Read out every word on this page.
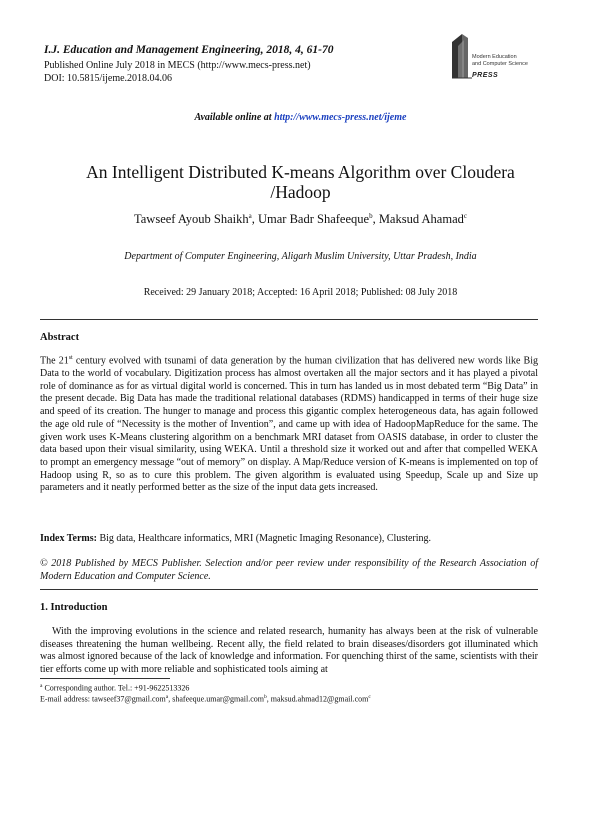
I.J. Education and Management Engineering, 2018, 4, 61-70
Published Online July 2018 in MECS (http://www.mecs-press.net)
DOI: 10.5815/ijeme.2018.04.06
Modern Education
and Computer Science
PRESS
Available online at http://www.mecs-press.net/ijeme
An Intelligent Distributed K-means Algorithm over Cloudera
/Hadoop
Tawseef Ayoub Shaikh$^a$, Umar Badr Shafeeque$^b$, Maksud Ahamad$^c$
Department of Computer Engineering, Aligarh Muslim University, Uttar Pradesh, India
Received: 29 January 2018; Accepted: 16 April 2018; Published: 08 July 2018
Abstract
The 21st century evolved with tsunami of data generation by the human civilization that has delivered new words like Big Data to the world of vocabulary. Digitization process has almost overtaken all the major sectors and it has played a pivotal role of dominance as for as virtual digital world is concerned. This in turn has landed us in most debated term “Big Data” in the present decade. Big Data has made the traditional relational databases (RDMS) handicapped in terms of their huge size and speed of its creation. The hunger to manage and process this gigantic complex heterogeneous data, has again followed the age old rule of “Necessity is the mother of Invention”, and came up with idea of HadoopMapReduce for the same. The given work uses K-Means clustering algorithm on a benchmark MRI dataset from OASIS database, in order to cluster the data based upon their visual similarity, using WEKA. Until a threshold size it worked out and after that compelled WEKA to prompt an emergency message “out of memory” on display. A Map/Reduce version of K-means is implemented on top of Hadoop using R, so as to cure this problem. The given algorithm is evaluated using Speedup, Scale up and Size up parameters and it neatly performed better as the size of the input data gets increased.
Index Terms: Big data, Healthcare informatics, MRI (Magnetic Imaging Resonance), Clustering.
© 2018 Published by MECS Publisher. Selection and/or peer review under responsibility of the Research Association of Modern Education and Computer Science.
1. Introduction
With the improving evolutions in the science and related research, humanity has always been at the risk of vulnerable diseases threatening the human wellbeing. Recent ally, the field related to brain diseases/disorders got illuminated which was almost ignored because of the lack of knowledge and information. For quenching thirst of the same, scientists with their tier efforts come up with more reliable and sophisticated tools aiming at
$^a$ Corresponding author. Tel.: +91-9622513326
E-mail address: tawseef37@gmail.com$^a$, shafeeque.umar@gmail.com$^b$, maksud.ahmad12@gmail.com$^c$
